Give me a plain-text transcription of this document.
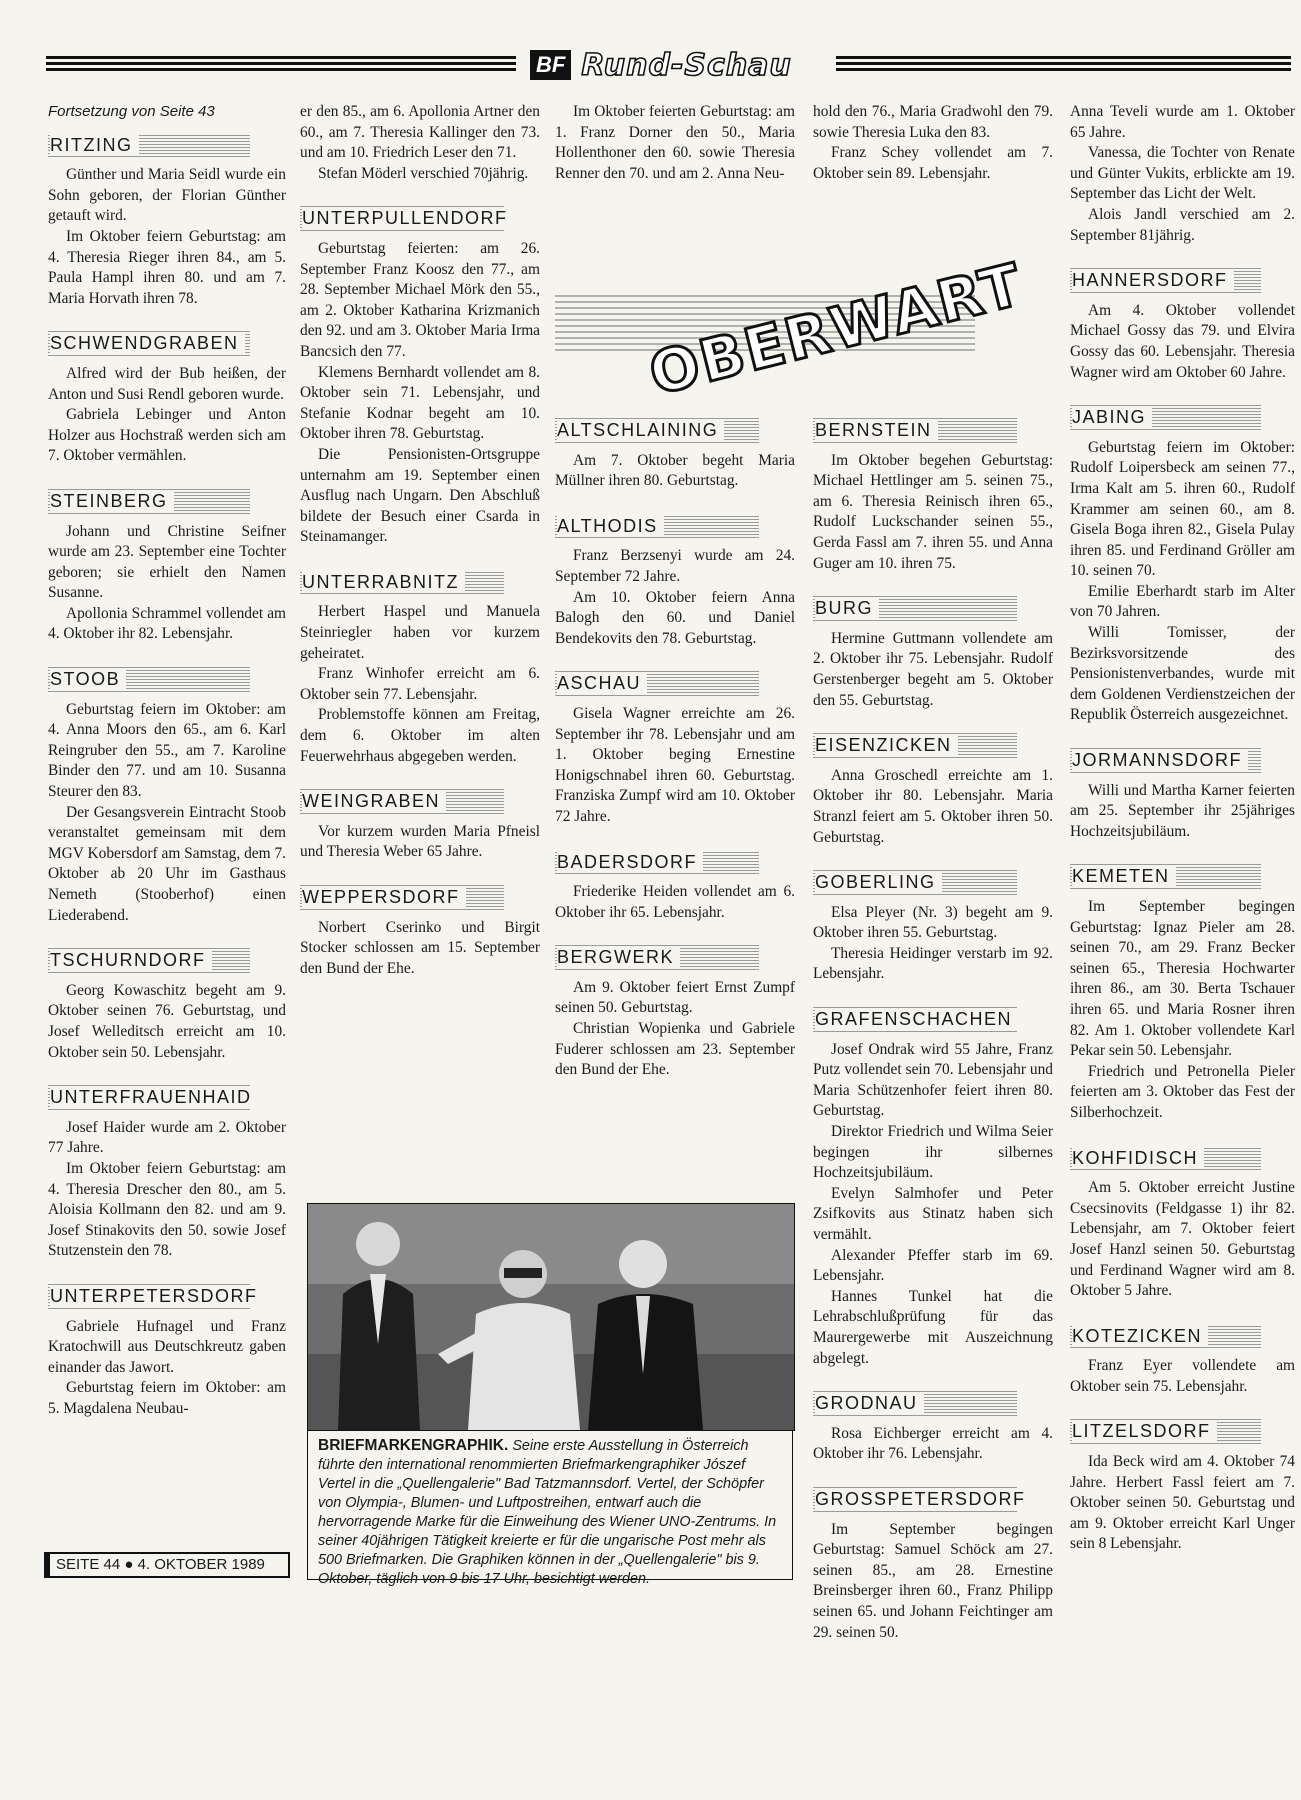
BF Rund-Schau

Fortsetzung von Seite 43

RITZING

Günther und Maria Seidl wurde ein Sohn geboren, der Florian Günther getauft wird.

Im Oktober feiern Geburtstag: am 4. Theresia Rieger ihren 84., am 5. Paula Hampl ihren 80. und am 7. Maria Horvath ihren 78.

SCHWENDGRABEN

Alfred wird der Bub heißen, der Anton und Susi Rendl geboren wurde.

Gabriela Lebinger und Anton Holzer aus Hochstraß werden sich am 7. Oktober vermählen.

STEINBERG

Johann und Christine Seifner wurde am 23. September eine Tochter geboren; sie erhielt den Namen Susanne.

Apollonia Schrammel vollendet am 4. Oktober ihr 82. Lebensjahr.

STOOB

Geburtstag feiern im Oktober: am 4. Anna Moors den 65., am 6. Karl Reingruber den 55., am 7. Karoline Binder den 77. und am 10. Susanna Steurer den 83.

Der Gesangsverein Eintracht Stoob veranstaltet gemeinsam mit dem MGV Kobersdorf am Samstag, dem 7. Oktober ab 20 Uhr im Gasthaus Nemeth (Stooberhof) einen Liederabend.

TSCHURNDORF

Georg Kowaschitz begeht am 9. Oktober seinen 76. Geburtstag, und Josef Welleditsch erreicht am 10. Oktober sein 50. Lebensjahr.

UNTERFRAUENHAID

Josef Haider wurde am 2. Oktober 77 Jahre.

Im Oktober feiern Geburtstag: am 4. Theresia Drescher den 80., am 5. Aloisia Kollmann den 82. und am 9. Josef Stinakovits den 50. sowie Josef Stutzenstein den 78.

UNTERPETERSDORF

Gabriele Hufnagel und Franz Kratochwill aus Deutschkreutz gaben einander das Jawort.

Geburtstag feiern im Oktober: am 5. Magdalena Neubau-

er den 85., am 6. Apollonia Artner den 60., am 7. Theresia Kallinger den 73. und am 10. Friedrich Leser den 71.

Stefan Möderl verschied 70jährig.

UNTERPULLENDORF

Geburtstag feierten: am 26. September Franz Koosz den 77., am 28. September Michael Mörk den 55., am 2. Oktober Katharina Krizmanich den 92. und am 3. Oktober Maria Irma Bancsich den 77.

Klemens Bernhardt vollendet am 8. Oktober sein 71. Lebensjahr, und Stefanie Kodnar begeht am 10. Oktober ihren 78. Geburtstag.

Die Pensionisten-Ortsgruppe unternahm am 19. September einen Ausflug nach Ungarn. Den Abschluß bildete der Besuch einer Csarda in Steinamanger.

UNTERRABNITZ

Herbert Haspel und Manuela Steinriegler haben vor kurzem geheiratet.

Franz Winhofer erreicht am 6. Oktober sein 77. Lebensjahr.

Problemstoffe können am Freitag, dem 6. Oktober im alten Feuerwehrhaus abgegeben werden.

WEINGRABEN

Vor kurzem wurden Maria Pfneisl und Theresia Weber 65 Jahre.

WEPPERSDORF

Norbert Cserinko und Birgit Stocker schlossen am 15. September den Bund der Ehe.

Im Oktober feierten Geburtstag: am 1. Franz Dorner den 50., Maria Hollenthoner den 60. sowie Theresia Renner den 70. und am 2. Anna Neu-

hold den 76., Maria Gradwohl den 79. sowie Theresia Luka den 83.

Franz Schey vollendet am 7. Oktober sein 89. Lebensjahr.

OBERWART
ALTSCHLAINING

Am 7. Oktober begeht Maria Müllner ihren 80. Geburtstag.

ALTHODIS

Franz Berzsenyi wurde am 24. September 72 Jahre.

Am 10. Oktober feiern Anna Balogh den 60. und Daniel Bendekovits den 78. Geburtstag.

ASCHAU

Gisela Wagner erreichte am 26. September ihr 78. Lebensjahr und am 1. Oktober beging Ernestine Honigschnabel ihren 60. Geburtstag. Franziska Zumpf wird am 10. Oktober 72 Jahre.

BADERSDORF

Friederike Heiden vollendet am 6. Oktober ihr 65. Lebensjahr.

BERGWERK

Am 9. Oktober feiert Ernst Zumpf seinen 50. Geburtstag.

Christian Wopienka und Gabriele Fuderer schlossen am 23. September den Bund der Ehe.

BERNSTEIN

Im Oktober begehen Geburtstag: Michael Hettlinger am 5. seinen 75., am 6. Theresia Reinisch ihren 65., Rudolf Luckschander seinen 55., Gerda Fassl am 7. ihren 55. und Anna Guger am 10. ihren 75.

BURG

Hermine Guttmann vollendete am 2. Oktober ihr 75. Lebensjahr. Rudolf Gerstenberger begeht am 5. Oktober den 55. Geburtstag.

EISENZICKEN

Anna Groschedl erreichte am 1. Oktober ihr 80. Lebensjahr. Maria Stranzl feiert am 5. Oktober ihren 50. Geburtstag.

GOBERLING

Elsa Pleyer (Nr. 3) begeht am 9. Oktober ihren 55. Geburtstag.

Theresia Heidinger verstarb im 92. Lebensjahr.

GRAFENSCHACHEN

Josef Ondrak wird 55 Jahre, Franz Putz vollendet sein 70. Lebensjahr und Maria Schützenhofer feiert ihren 80. Geburtstag.

Direktor Friedrich und Wilma Seier begingen ihr silbernes Hochzeitsjubiläum.

Evelyn Salmhofer und Peter Zsifkovits aus Stinatz haben sich vermählt.

Alexander Pfeffer starb im 69. Lebensjahr.

Hannes Tunkel hat die Lehrabschlußprüfung für das Maurergewerbe mit Auszeichnung abgelegt.

GRODNAU

Rosa Eichberger erreicht am 4. Oktober ihr 76. Lebensjahr.

GROSSPETERSDORF

Im September begingen Geburtstag: Samuel Schöck am 27. seinen 85., am 28. Ernestine Breinsberger ihren 60., Franz Philipp seinen 65. und Johann Feichtinger am 29. seinen 50.

Anna Teveli wurde am 1. Oktober 65 Jahre.

Vanessa, die Tochter von Renate und Günter Vukits, erblickte am 19. September das Licht der Welt.

Alois Jandl verschied am 2. September 81jährig.

HANNERSDORF

Am 4. Oktober vollendet Michael Gossy das 79. und Elvira Gossy das 60. Lebensjahr. Theresia Wagner wird am Oktober 60 Jahre.

JABING

Geburtstag feiern im Oktober: Rudolf Loipersbeck am seinen 77., Irma Kalt am 5. ihren 60., Rudolf Krammer am seinen 60., am 8. Gisela Boga ihren 82., Gisela Pulay ihren 85. und Ferdinand Gröller am 10. seinen 70.

Emilie Eberhardt starb im Alter von 70 Jahren.

Willi Tomisser, der Bezirksvorsitzende des Pensionistenverbandes, wurde mit dem Goldenen Verdienstzeichen der Republik Österreich ausgezeichnet.

JORMANNSDORF

Willi und Martha Karner feierten am 25. September ihr 25jähriges Hochzeitsjubiläum.

KEMETEN

Im September begingen Geburtstag: Ignaz Pieler am 28. seinen 70., am 29. Franz Becker seinen 65., Theresia Hochwarter ihren 86., am 30. Berta Tschauer ihren 65. und Maria Rosner ihren 82. Am 1. Oktober vollendete Karl Pekar sein 50. Lebensjahr.

Friedrich und Petronella Pieler feierten am 3. Oktober das Fest der Silberhochzeit.

KOHFIDISCH

Am 5. Oktober erreicht Justine Csecsinovits (Feldgasse 1) ihr 82. Lebensjahr, am 7. Oktober feiert Josef Hanzl seinen 50. Geburtstag und Ferdinand Wagner wird am 8. Oktober 5 Jahre.

KOTEZICKEN

Franz Eyer vollendete am Oktober sein 75. Lebensjahr.

LITZELSDORF

Ida Beck wird am 4. Oktober 74 Jahre. Herbert Fassl feiert am 7. Oktober seinen 50. Geburtstag und am 9. Oktober erreicht Karl Unger sein 8 Lebensjahr.

BRIEFMARKENGRAPHIK. Seine erste Ausstellung in Österreich führte den international renommierten Briefmarkengraphiker Jószef Vertel in die „Quellengalerie" Bad Tatzmannsdorf. Vertel, der Schöpfer von Olympia-, Blumen- und Luftpostreihen, entwarf auch die hervorragende Marke für die Einweihung des Wiener UNO-Zentrums. In seiner 40jährigen Tätigkeit kreierte er für die ungarische Post mehr als 500 Briefmarken. Die Graphiken können in der „Quellengalerie" bis 9. Oktober, täglich von 9 bis 17 Uhr, besichtigt werden.
SEITE 44 ● 4. OKTOBER 1989
